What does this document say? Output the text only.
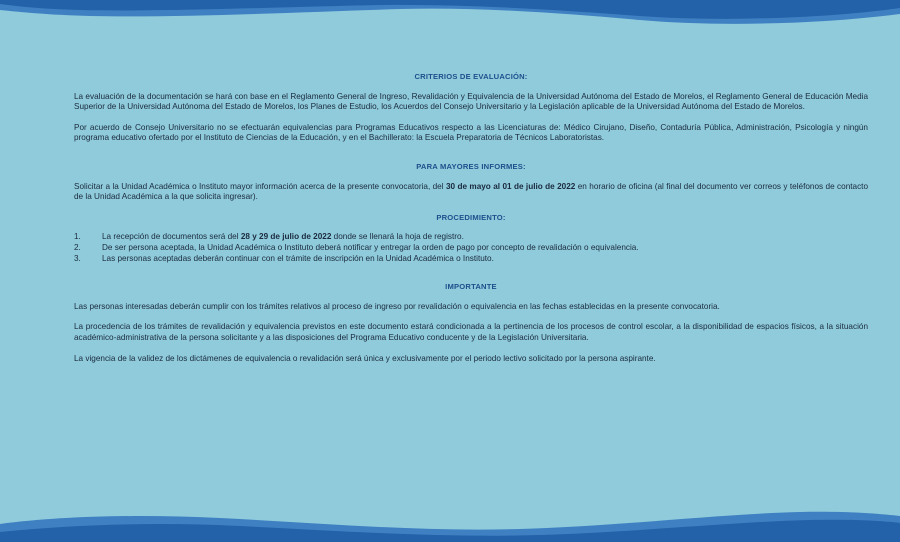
CRITERIOS DE EVALUACIÓN:

La evaluación de la documentación se hará con base en el Reglamento General de Ingreso, Revalidación y Equivalencia de la Universidad Autónoma del Estado de Morelos, el Reglamento General de Educación Media Superior de la Universidad Autónoma del Estado de Morelos, los Planes de Estudio, los Acuerdos del Consejo Universitario y la Legislación aplicable de la Universidad Autónoma del Estado de Morelos.

Por acuerdo de Consejo Universitario no se efectuarán equivalencias para Programas Educativos respecto a las Licenciaturas de: Médico Cirujano, Diseño, Contaduría Pública, Administración, Psicología y ningún programa educativo ofertado por el Instituto de Ciencias de la Educación, y en el Bachillerato: la Escuela Preparatoria de Técnicos Laboratoristas.

PARA MAYORES INFORMES:

Solicitar a la Unidad Académica o Instituto mayor información acerca de la presente convocatoria, del 30 de mayo al 01 de julio de 2022 en horario de oficina (al final del documento ver correos y teléfonos de contacto de la Unidad Académica a la que solicita ingresar).

PROCEDIMIENTO:
1.	La recepción de documentos será del 28 y 29 de julio de 2022 donde se llenará la hoja de registro.
2.	De ser persona aceptada, la Unidad Académica o Instituto deberá notificar y entregar la orden de pago por concepto de revalidación o equivalencia.
3.	Las personas aceptadas deberán continuar con el trámite de inscripción en la Unidad Académica o Instituto.
IMPORTANTE

Las personas interesadas deberán cumplir con los trámites relativos al proceso de ingreso por revalidación o equivalencia en las fechas establecidas en la presente convocatoria.

La procedencia de los trámites de revalidación y equivalencia previstos en este documento estará condicionada a la pertinencia de los procesos de control escolar, a la disponibilidad de espacios físicos, a la situación académico-administrativa de la persona solicitante y a las disposiciones del Programa Educativo conducente y de la Legislación Universitaria.

La vigencia de la validez de los dictámenes de equivalencia o revalidación será única y exclusivamente por el periodo lectivo solicitado por la persona aspirante.
